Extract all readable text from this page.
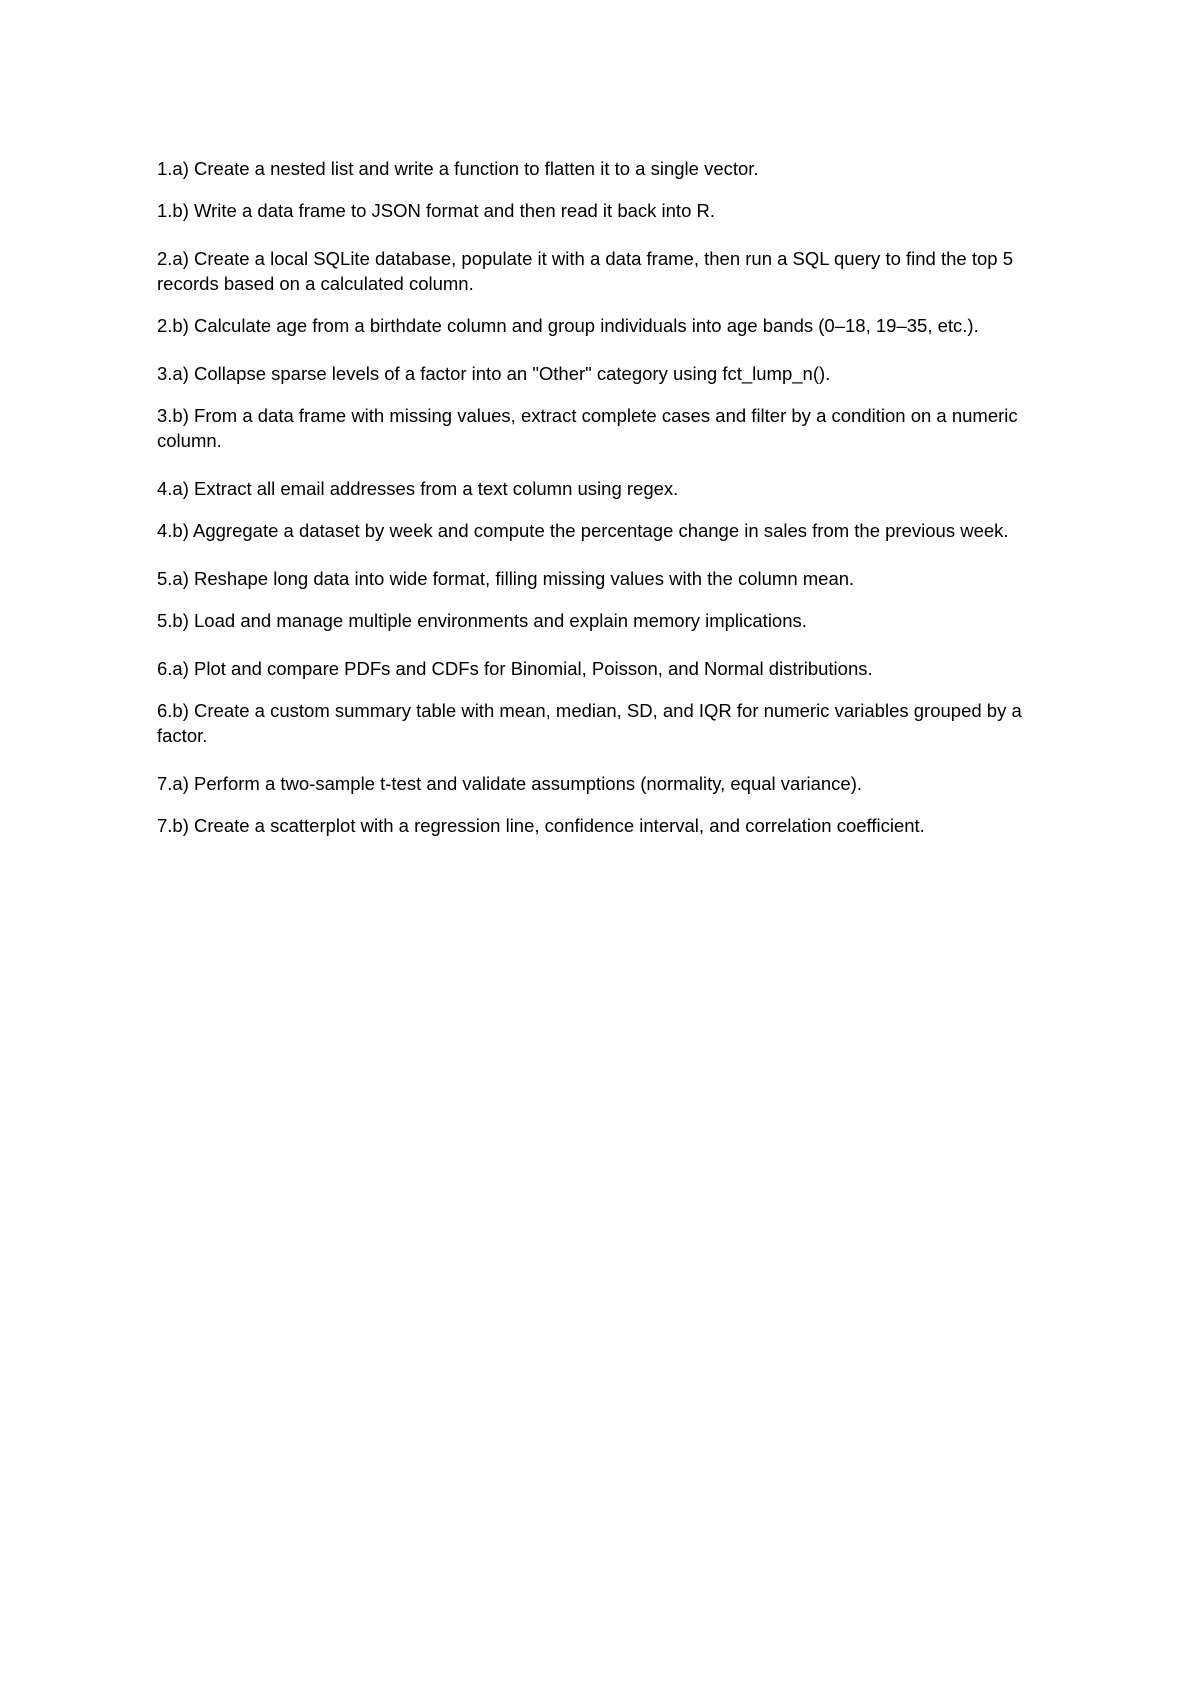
1.a) Create a nested list and write a function to flatten it to a single vector.

1.b) Write a data frame to JSON format and then read it back into R.

2.a) Create a local SQLite database, populate it with a data frame, then run a SQL query to find the top 5 records based on a calculated column.

2.b) Calculate age from a birthdate column and group individuals into age bands (0–18, 19–35, etc.).

3.a) Collapse sparse levels of a factor into an "Other" category using fct_lump_n().

3.b) From a data frame with missing values, extract complete cases and filter by a condition on a numeric column.

4.a) Extract all email addresses from a text column using regex.

4.b) Aggregate a dataset by week and compute the percentage change in sales from the previous week.

5.a) Reshape long data into wide format, filling missing values with the column mean.

5.b) Load and manage multiple environments and explain memory implications.

6.a) Plot and compare PDFs and CDFs for Binomial, Poisson, and Normal distributions.

6.b) Create a custom summary table with mean, median, SD, and IQR for numeric variables grouped by a factor.

7.a) Perform a two-sample t-test and validate assumptions (normality, equal variance).

7.b) Create a scatterplot with a regression line, confidence interval, and correlation coefficient.
